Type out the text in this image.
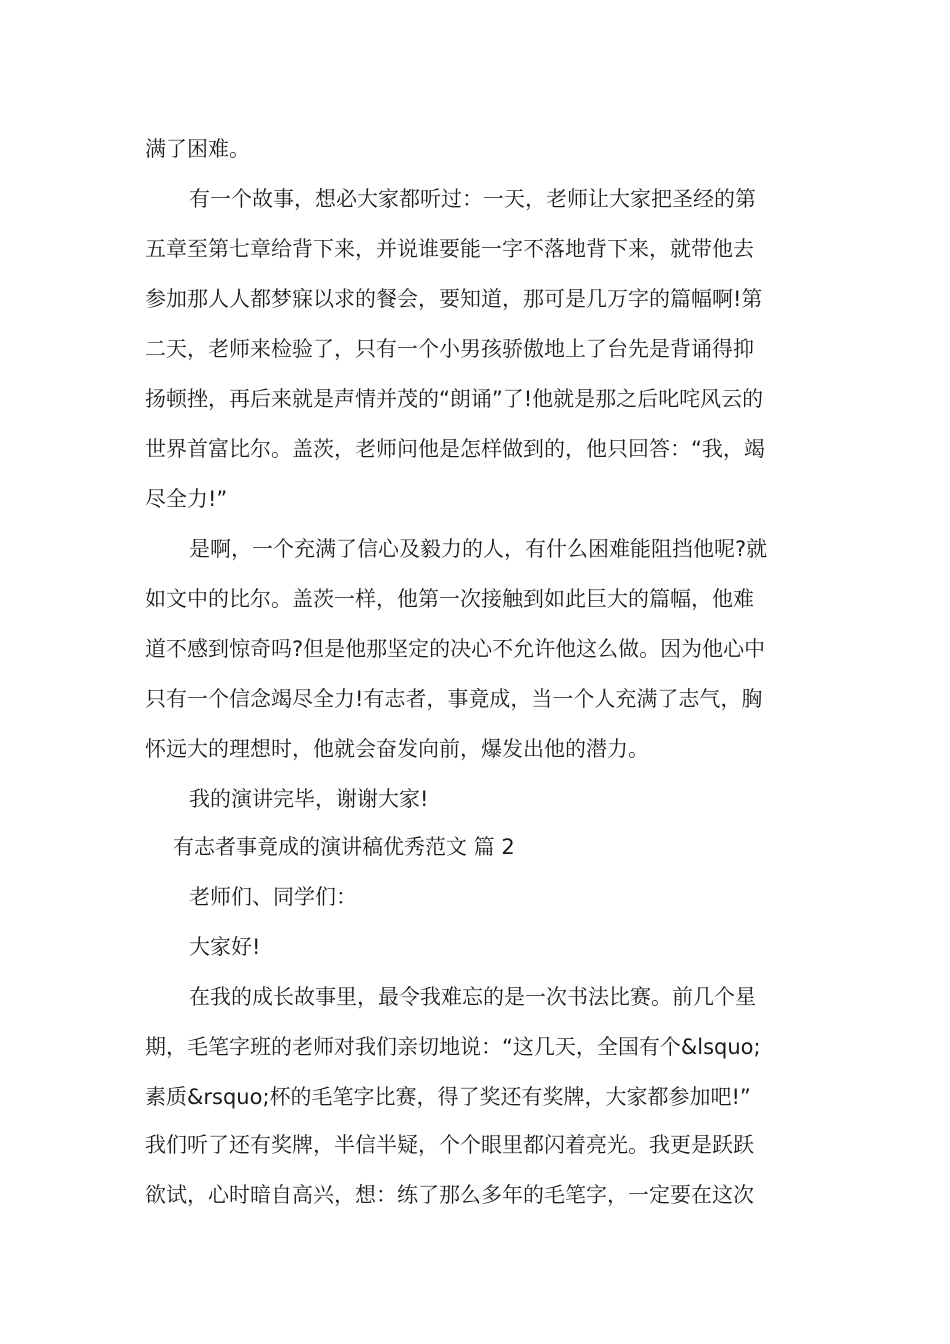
满了困难。

有一个故事，想必大家都听过：一天，老师让大家把圣经的第

五章至第七章给背下来，并说谁要能一字不落地背下来，就带他去

参加那人人都梦寐以求的餐会，要知道，那可是几万字的篇幅啊!第

二天，老师来检验了，只有一个小男孩骄傲地上了台先是背诵得抑

扬顿挫，再后来就是声情并茂的“朗诵”了!他就是那之后叱咤风云的

世界首富比尔。盖茨，老师问他是怎样做到的，他只回答：“我，竭

尽全力!”

是啊，一个充满了信心及毅力的人，有什么困难能阻挡他呢?就

如文中的比尔。盖茨一样，他第一次接触到如此巨大的篇幅，他难

道不感到惊奇吗?但是他那坚定的决心不允许他这么做。因为他心中

只有一个信念竭尽全力!有志者，事竟成，当一个人充满了志气，胸

怀远大的理想时，他就会奋发向前，爆发出他的潜力。

我的演讲完毕，谢谢大家!

有志者事竟成的演讲稿优秀范文 篇 2

老师们、同学们：

大家好!

在我的成长故事里，最令我难忘的是一次书法比赛。前几个星

期，毛笔字班的老师对我们亲切地说：“这几天，全国有个&lsquo;

素质&rsquo;杯的毛笔字比赛，得了奖还有奖牌，大家都参加吧!”

我们听了还有奖牌，半信半疑，个个眼里都闪着亮光。我更是跃跃

欲试，心时暗自高兴，想：练了那么多年的毛笔字，一定要在这次
